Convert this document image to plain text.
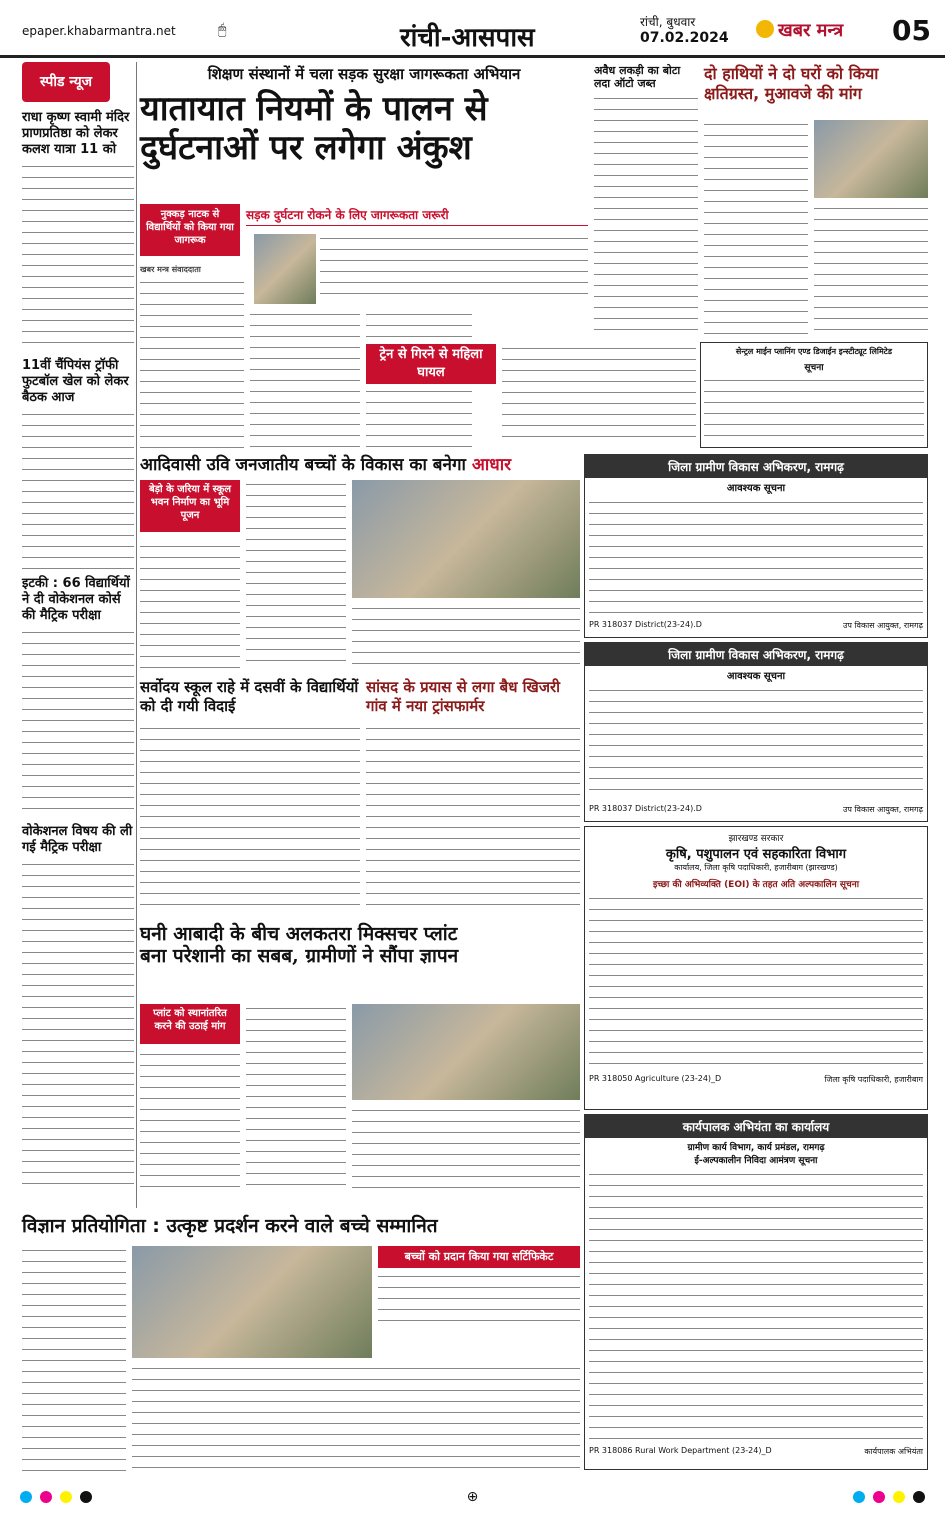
epaper.khabarmantra.net	🖱	रांची-आसपास
रांची, बुधवार
07.02.2024	खबर मन्त्र 05
स्पीड न्यूज
राधा कृष्ण स्वामी मंदिर प्राणप्रतिष्ठा को लेकर कलश यात्रा 11 को
11वीं चैंपियंस ट्रॉफी फुटबॉल खेल को लेकर बैठक आज
इटकी : 66 विद्यार्थियों ने दी वोकेशनल कोर्स की मैट्रिक परीक्षा
वोकेशनल विषय की ली गई मैट्रिक परीक्षा
शिक्षण संस्थानों में चला सड़क सुरक्षा जागरूकता अभियान
यातायात नियमों के पालन से
दुर्घटनाओं पर लगेगा अंकुश
नुक्कड़ नाटक से विद्यार्थियों को किया गया जागरूक
सड़क दुर्घटना रोकने के लिए जागरूकता जरूरी
खबर मन्त्र संवाददाता
अवैध लकड़ी का बोटा लदा ऑटो जब्त
दो हाथियों ने दो घरों को किया क्षतिग्रस्त, मुआवजे की मांग
ट्रेन से गिरने से महिला घायल
सेन्ट्रल माईन प्लानिंग एण्ड डिजाईन इन्स्टीट्यूट लिमिटेड
सूचना
आदिवासी उवि जनजातीय बच्चों के विकास का बनेगा आधार
बेड़ो के जरिया में स्कूल भवन निर्माण का भूमि पूजन
जिला ग्रामीण विकास अभिकरण, रामगढ़
आवश्यक सूचना
PR 318037 District(23-24).D	उप विकास आयुक्त, रामगढ़
जिला ग्रामीण विकास अभिकरण, रामगढ़
आवश्यक सूचना
PR 318037 District(23-24).D	उप विकास आयुक्त, रामगढ़
सर्वोदय स्कूल राहे में दसवीं के विद्यार्थियों को दी गयी विदाई
सांसद के प्रयास से लगा बैध खिजरी गांव में नया ट्रांसफार्मर
घनी आबादी के बीच अलकतरा मिक्सचर प्लांट
बना परेशानी का सबब, ग्रामीणों ने सौंपा ज्ञापन
प्लांट को स्थानांतरित करने की उठाई मांग
झारखण्ड सरकार
कृषि, पशुपालन एवं सहकारिता विभाग
कार्यालय, जिला कृषि पदाधिकारी, हजारीबाग (झारखण्ड)
इच्छा की अभिव्यक्ति (EOI) के तहत अति अल्पकालिन सूचना
PR 318050 Agriculture (23-24)_D	जिला कृषि पदाधिकारी, हजारीबाग
कार्यपालक अभियंता का कार्यालय
ग्रामीण कार्य विभाग, कार्य प्रमंडल, रामगढ़
ई-अल्पकालीन निविदा आमंत्रण सूचना
PR 318086 Rural Work Department (23-24)_D	कार्यपालक अभियंता
विज्ञान प्रतियोगिता : उत्कृष्ट प्रदर्शन करने वाले बच्चे सम्मानित
बच्चों को प्रदान किया गया सर्टिफिकेट
⊕
